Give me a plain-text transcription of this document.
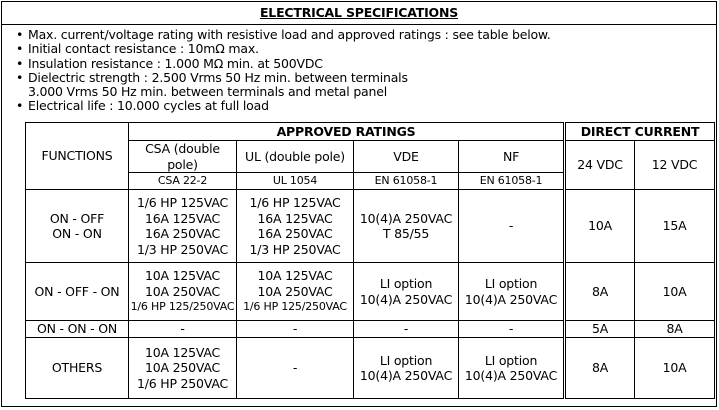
ELECTRICAL SPECIFICATIONS
• Max. current/voltage rating with resistive load and approved ratings : see table below.
• Initial contact resistance : 10mΩ max.
• Insulation resistance : 1.000 MΩ min. at 500VDC
• Dielectric strength : 2.500 Vrms 50 Hz min. between terminals
3.000 Vrms 50 Hz min. between terminals and metal panel
• Electrical life : 10.000 cycles at full load
FUNCTIONS	APPROVED RATINGS				DIRECT CURRENT	
	CSA (double pole)	UL (double pole)	VDE	NF	24 VDC	12 VDC
	CSA 22-2	UL 1054	EN 61058-1	EN 61058-1		

ON - OFF
ON - ON	1/6 HP 125VAC
16A 125VAC
16A 250VAC
1/3 HP 250VAC	1/6 HP 125VAC
16A 125VAC
16A 250VAC
1/3 HP 250VAC	10(4)A 250VAC
T 85/55	-	10A	15A

ON - OFF - ON	10A 125VAC
10A 250VAC
1/6 HP 125/250VAC	10A 125VAC
10A 250VAC
1/6 HP 125/250VAC	LI option
10(4)A 250VAC	LI option
10(4)A 250VAC	8A	10A

ON - ON - ON	-	-	-	-	5A	8A

OTHERS	10A 125VAC
10A 250VAC
1/6 HP 250VAC	-	LI option
10(4)A 250VAC	LI option
10(4)A 250VAC	8A	10A
